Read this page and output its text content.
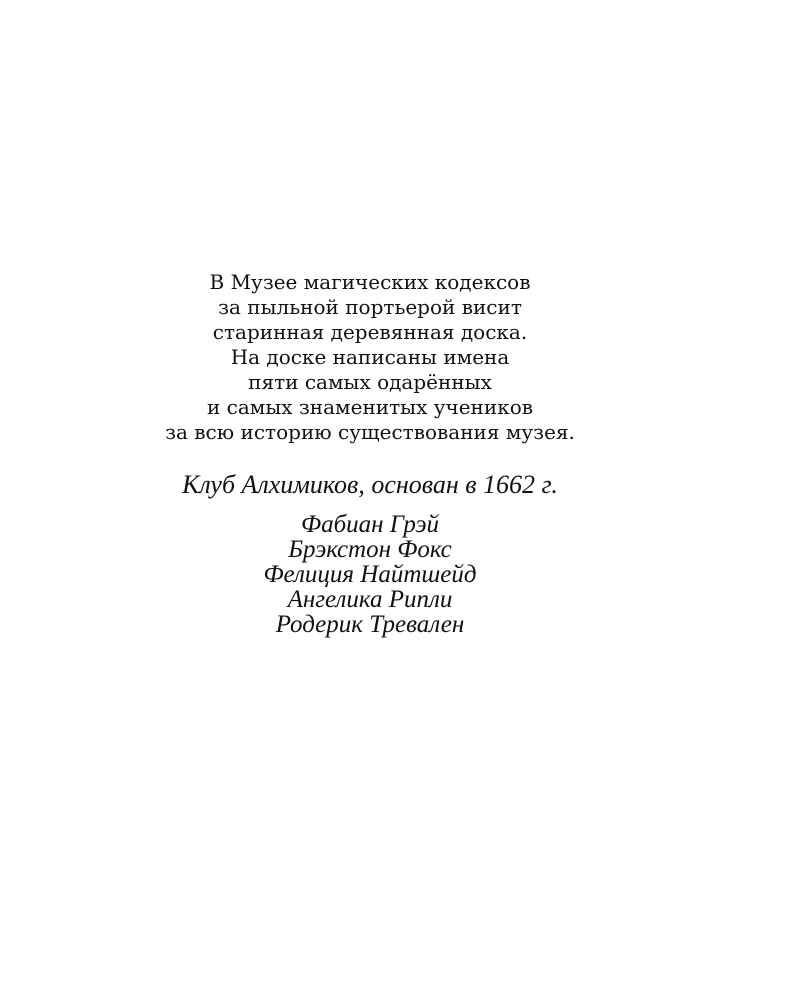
В Музее магических кодексов
за пыльной портьерой висит
старинная деревянная доска.
На доске написаны имена
пяти самых одарённых
и самых знаменитых учеников
за всю историю существования музея.
Клуб Алхимиков, основан в 1662 г.
Фабиан Грэй
Брэкстон Фокс
Фелиция Найтшейд
Ангелика Рипли
Родерик Тревален
